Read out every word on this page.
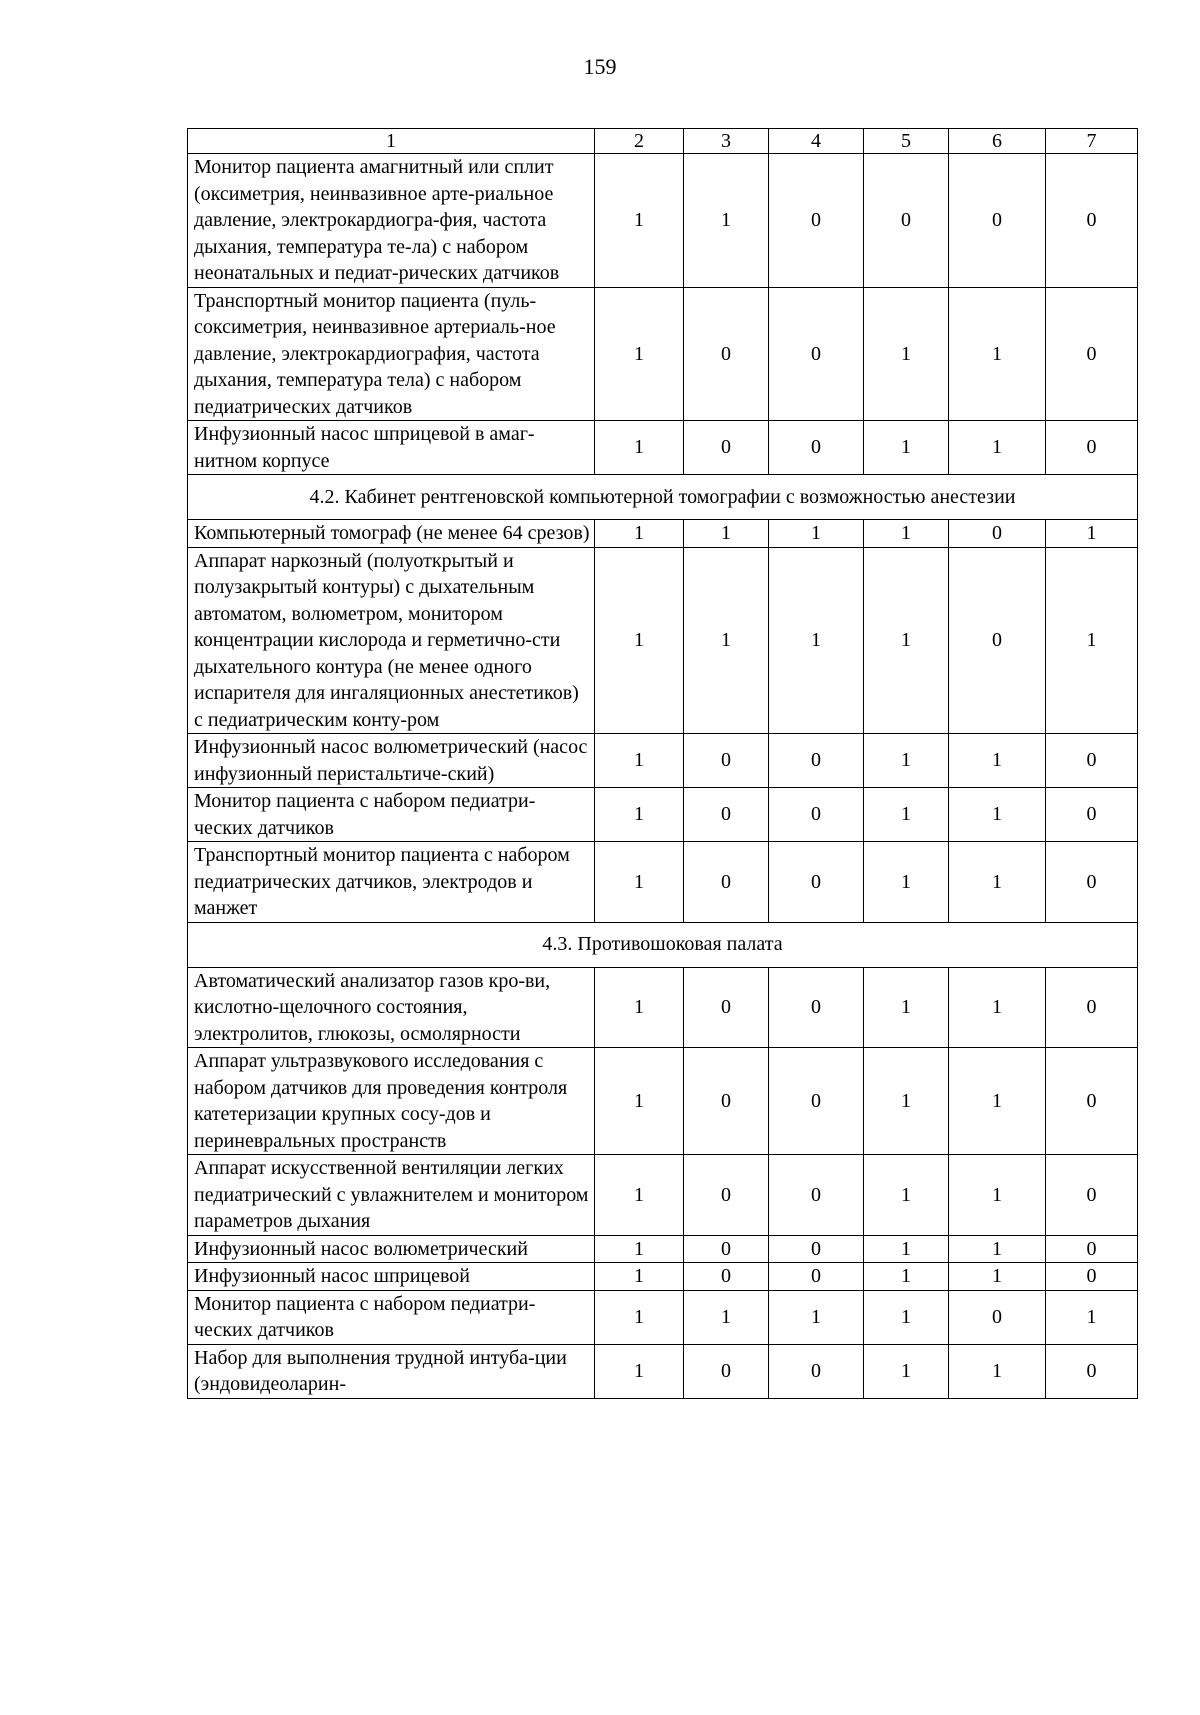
159
1	2	3	4	5	6	7
Монитор пациента амагнитный или сплит (оксиметрия, неинвазивное арте-риальное давление, электрокардиогра-фия, частота дыхания, температура те-ла) с набором неонатальных и педиат-рических датчиков	1	1	0	0	0	0
Транспортный монитор пациента (пуль-соксиметрия, неинвазивное артериаль-ное давление, электрокардиография, частота дыхания, температура тела) с набором педиатрических датчиков	1	0	0	1	1	0
Инфузионный насос шприцевой в амаг-нитном корпусе	1	0	0	1	1	0
4.2. Кабинет рентгеновской компьютерной томографии с возможностью анестезии						
Компьютерный томограф (не менее 64 срезов)	1	1	1	1	0	1
Аппарат наркозный (полуоткрытый и полузакрытый контуры) с дыхательным автоматом, волюметром, монитором концентрации кислорода и герметично-сти дыхательного контура (не менее одного испарителя для ингаляционных анестетиков) с педиатрическим конту-ром	1	1	1	1	0	1
Инфузионный насос волюметрический (насос инфузионный перистальтиче-ский)	1	0	0	1	1	0
Монитор пациента с набором педиатри-ческих датчиков	1	0	0	1	1	0
Транспортный монитор пациента с набором педиатрических датчиков, электродов и манжет	1	0	0	1	1	0
4.3. Противошоковая палата						
Автоматический анализатор газов кро-ви, кислотно-щелочного состояния, электролитов, глюкозы, осмолярности	1	0	0	1	1	0
Аппарат ультразвукового исследования с набором датчиков для проведения контроля катетеризации крупных сосу-дов и периневральных пространств	1	0	0	1	1	0
Аппарат искусственной вентиляции легких педиатрический с увлажнителем и монитором параметров дыхания	1	0	0	1	1	0
Инфузионный насос волюметрический	1	0	0	1	1	0
Инфузионный насос шприцевой	1	0	0	1	1	0
Монитор пациента с набором педиатри-ческих датчиков	1	1	1	1	0	1
Набор для выполнения трудной интуба-ции (эндовидеоларин-	1	0	0	1	1	0
